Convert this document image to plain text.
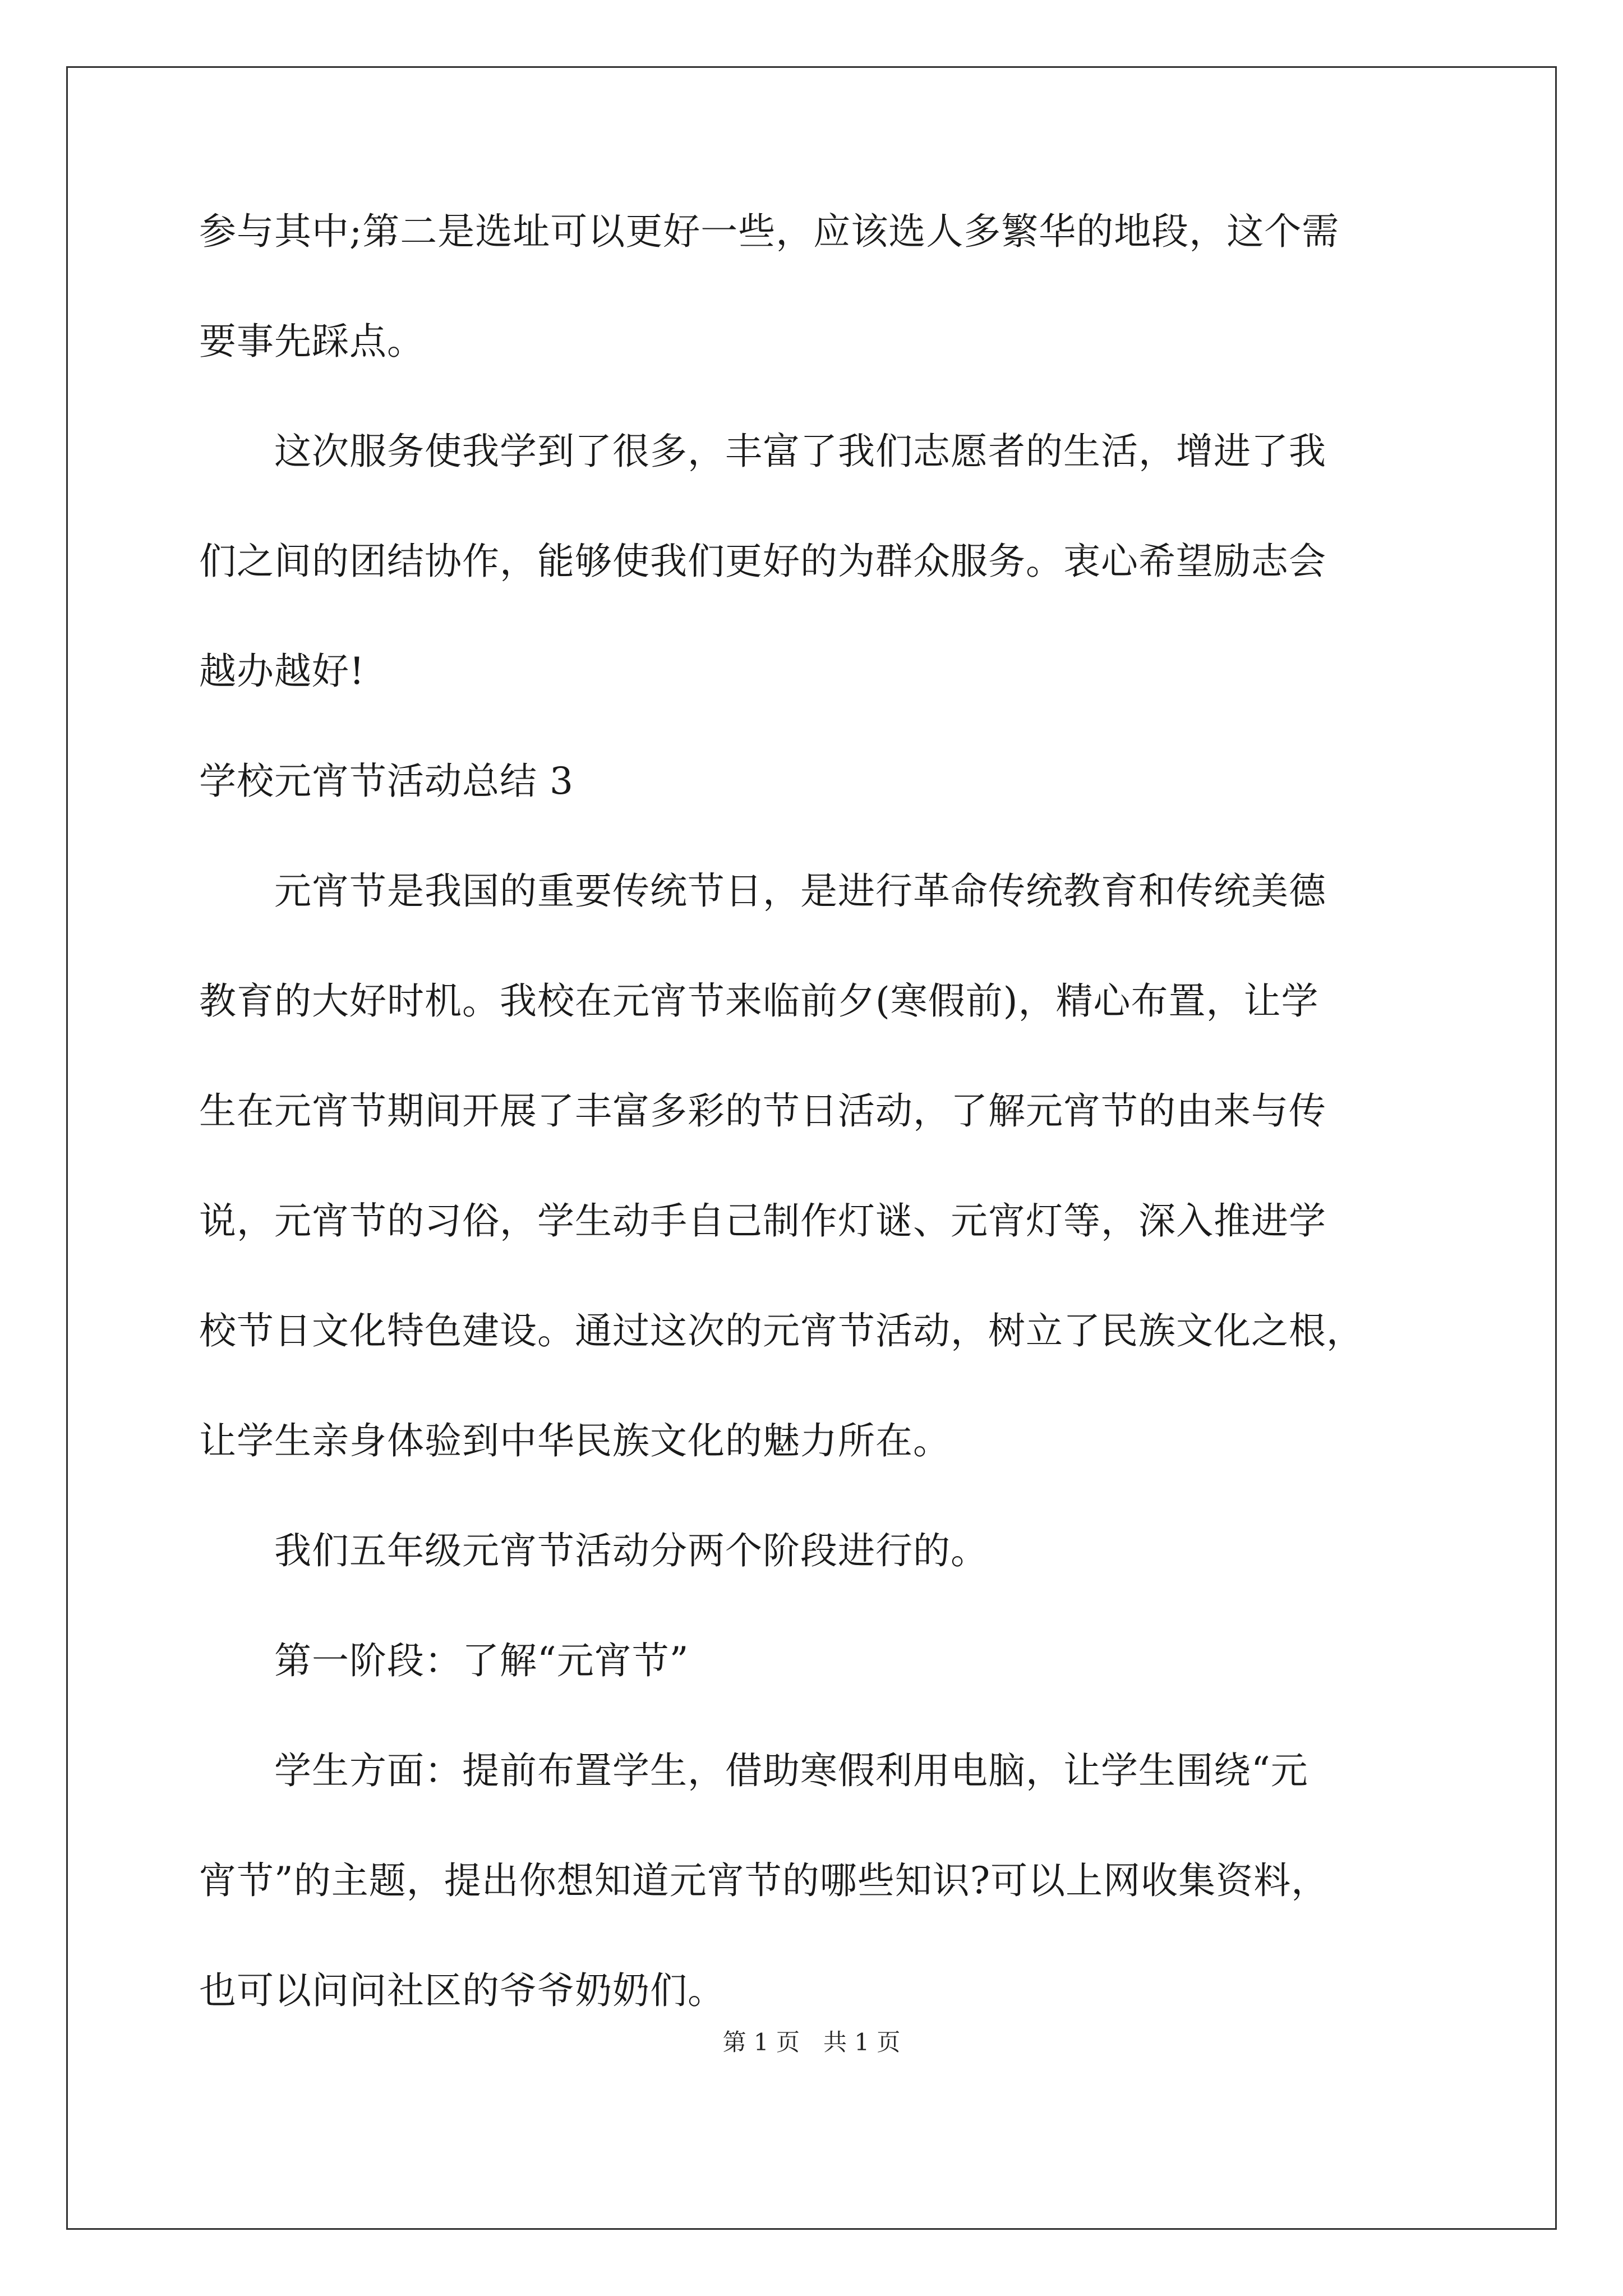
参与其中;第二是选址可以更好一些，应该选人多繁华的地段，这个需

要事先踩点。

　　这次服务使我学到了很多，丰富了我们志愿者的生活，增进了我

们之间的团结协作，能够使我们更好的为群众服务。衷心希望励志会

越办越好!

学校元宵节活动总结 3

　　元宵节是我国的重要传统节日，是进行革命传统教育和传统美德

教育的大好时机。我校在元宵节来临前夕(寒假前)，精心布置，让学

生在元宵节期间开展了丰富多彩的节日活动，了解元宵节的由来与传

说，元宵节的习俗，学生动手自己制作灯谜、元宵灯等，深入推进学

校节日文化特色建设。通过这次的元宵节活动，树立了民族文化之根，

让学生亲身体验到中华民族文化的魅力所在。

　　我们五年级元宵节活动分两个阶段进行的。

　　第一阶段：了解“元宵节”

　　学生方面：提前布置学生，借助寒假利用电脑，让学生围绕“元

宵节”的主题，提出你想知道元宵节的哪些知识?可以上网收集资料，

也可以问问社区的爷爷奶奶们。

第 1 页　共 1 页
